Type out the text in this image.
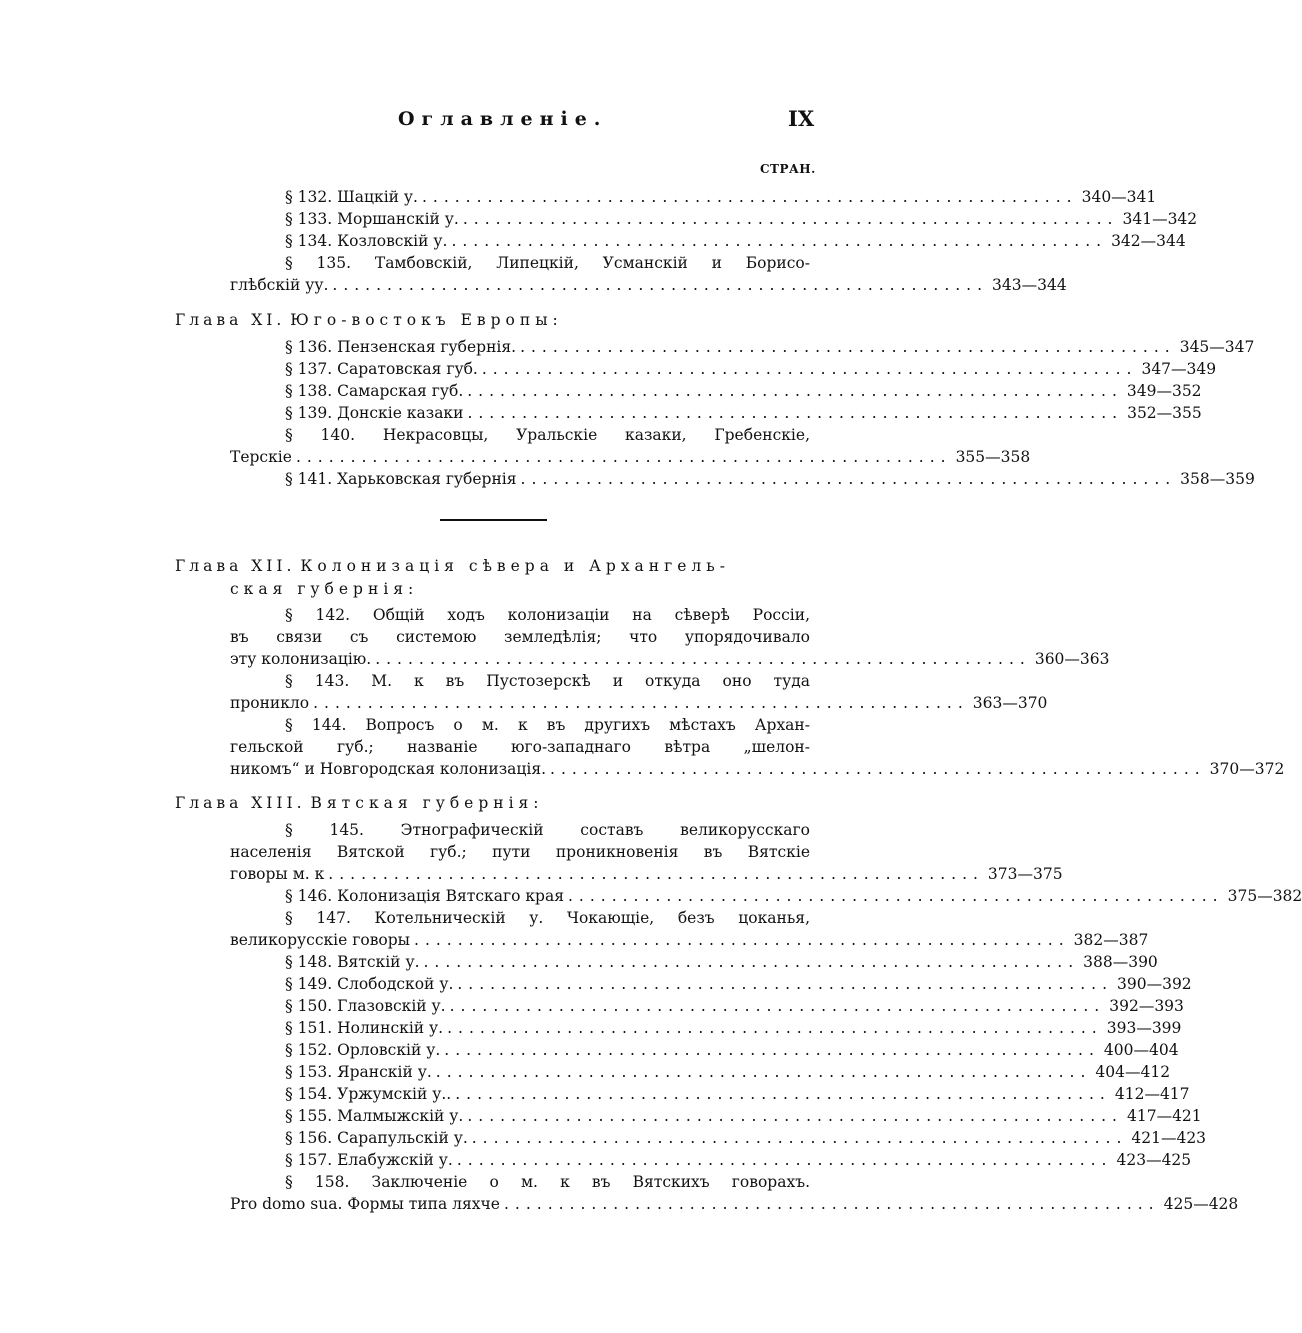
Оглавленіе.	IX
СТРАН.
§ 132. Шацкій у. ............................................................ 340—341
§ 133. Моршанскій у. ............................................................ 341—342
§ 134. Козловскій у. ............................................................ 342—344
§ 135. Тамбовскій, Липецкій, Усманскій и Борисо-
глѣбскій уу. ............................................................ 343—344
Глава XI. Юго-востокъ Европы:
§ 136. Пензенская губернія. ............................................................ 345—347
§ 137. Саратовская губ. ............................................................ 347—349
§ 138. Самарская губ. ............................................................ 349—352
§ 139. Донскіе казаки ............................................................ 352—355
§ 140. Некрасовцы, Уральскіе казаки, Гребенскіе,
Терскіе ............................................................ 355—358
§ 141. Харьковская губернія ............................................................ 358—359
Глава XII. Колонизація сѣвера и Архангель-
ская губернія:
§ 142. Общій ходъ колонизаціи на сѣверѣ Россіи,
въ связи съ системою земледѣлія; что упорядочивало
эту колонизацію. ............................................................ 360—363
§ 143. М. к въ Пустозерскѣ и откуда оно туда
проникло ............................................................ 363—370
§ 144. Вопросъ о м. к въ другихъ мѣстахъ Архан-
гельской губ.; названіе юго-западнаго вѣтра „шелон-
никомъ“ и Новгородская колонизація. ............................................................ 370—372
Глава XIII. Вятская губернія:
§ 145. Этнографическій составъ великорусскаго
населенія Вятской губ.; пути проникновенія въ Вятскіе
говоры м. к ............................................................ 373—375
§ 146. Колонизація Вятскаго края ............................................................ 375—382
§ 147. Котельническій у. Чокающіе, безъ цоканья,
великорусскіе говоры ............................................................ 382—387
§ 148. Вятскій у. ............................................................ 388—390
§ 149. Слободской у. ............................................................ 390—392
§ 150. Глазовскій у. ............................................................ 392—393
§ 151. Нолинскій у. ............................................................ 393—399
§ 152. Орловскій у. ............................................................ 400—404
§ 153. Яранскій у. ............................................................ 404—412
§ 154. Уржумскій у.. ............................................................ 412—417
§ 155. Малмыжскій у. ............................................................ 417—421
§ 156. Сарапульскій у. ............................................................ 421—423
§ 157. Елабужскій у. ............................................................ 423—425
§ 158. Заключеніе о м. к въ Вятскихъ говорахъ.
Pro domo sua. Формы типа ляхче ............................................................ 425—428
